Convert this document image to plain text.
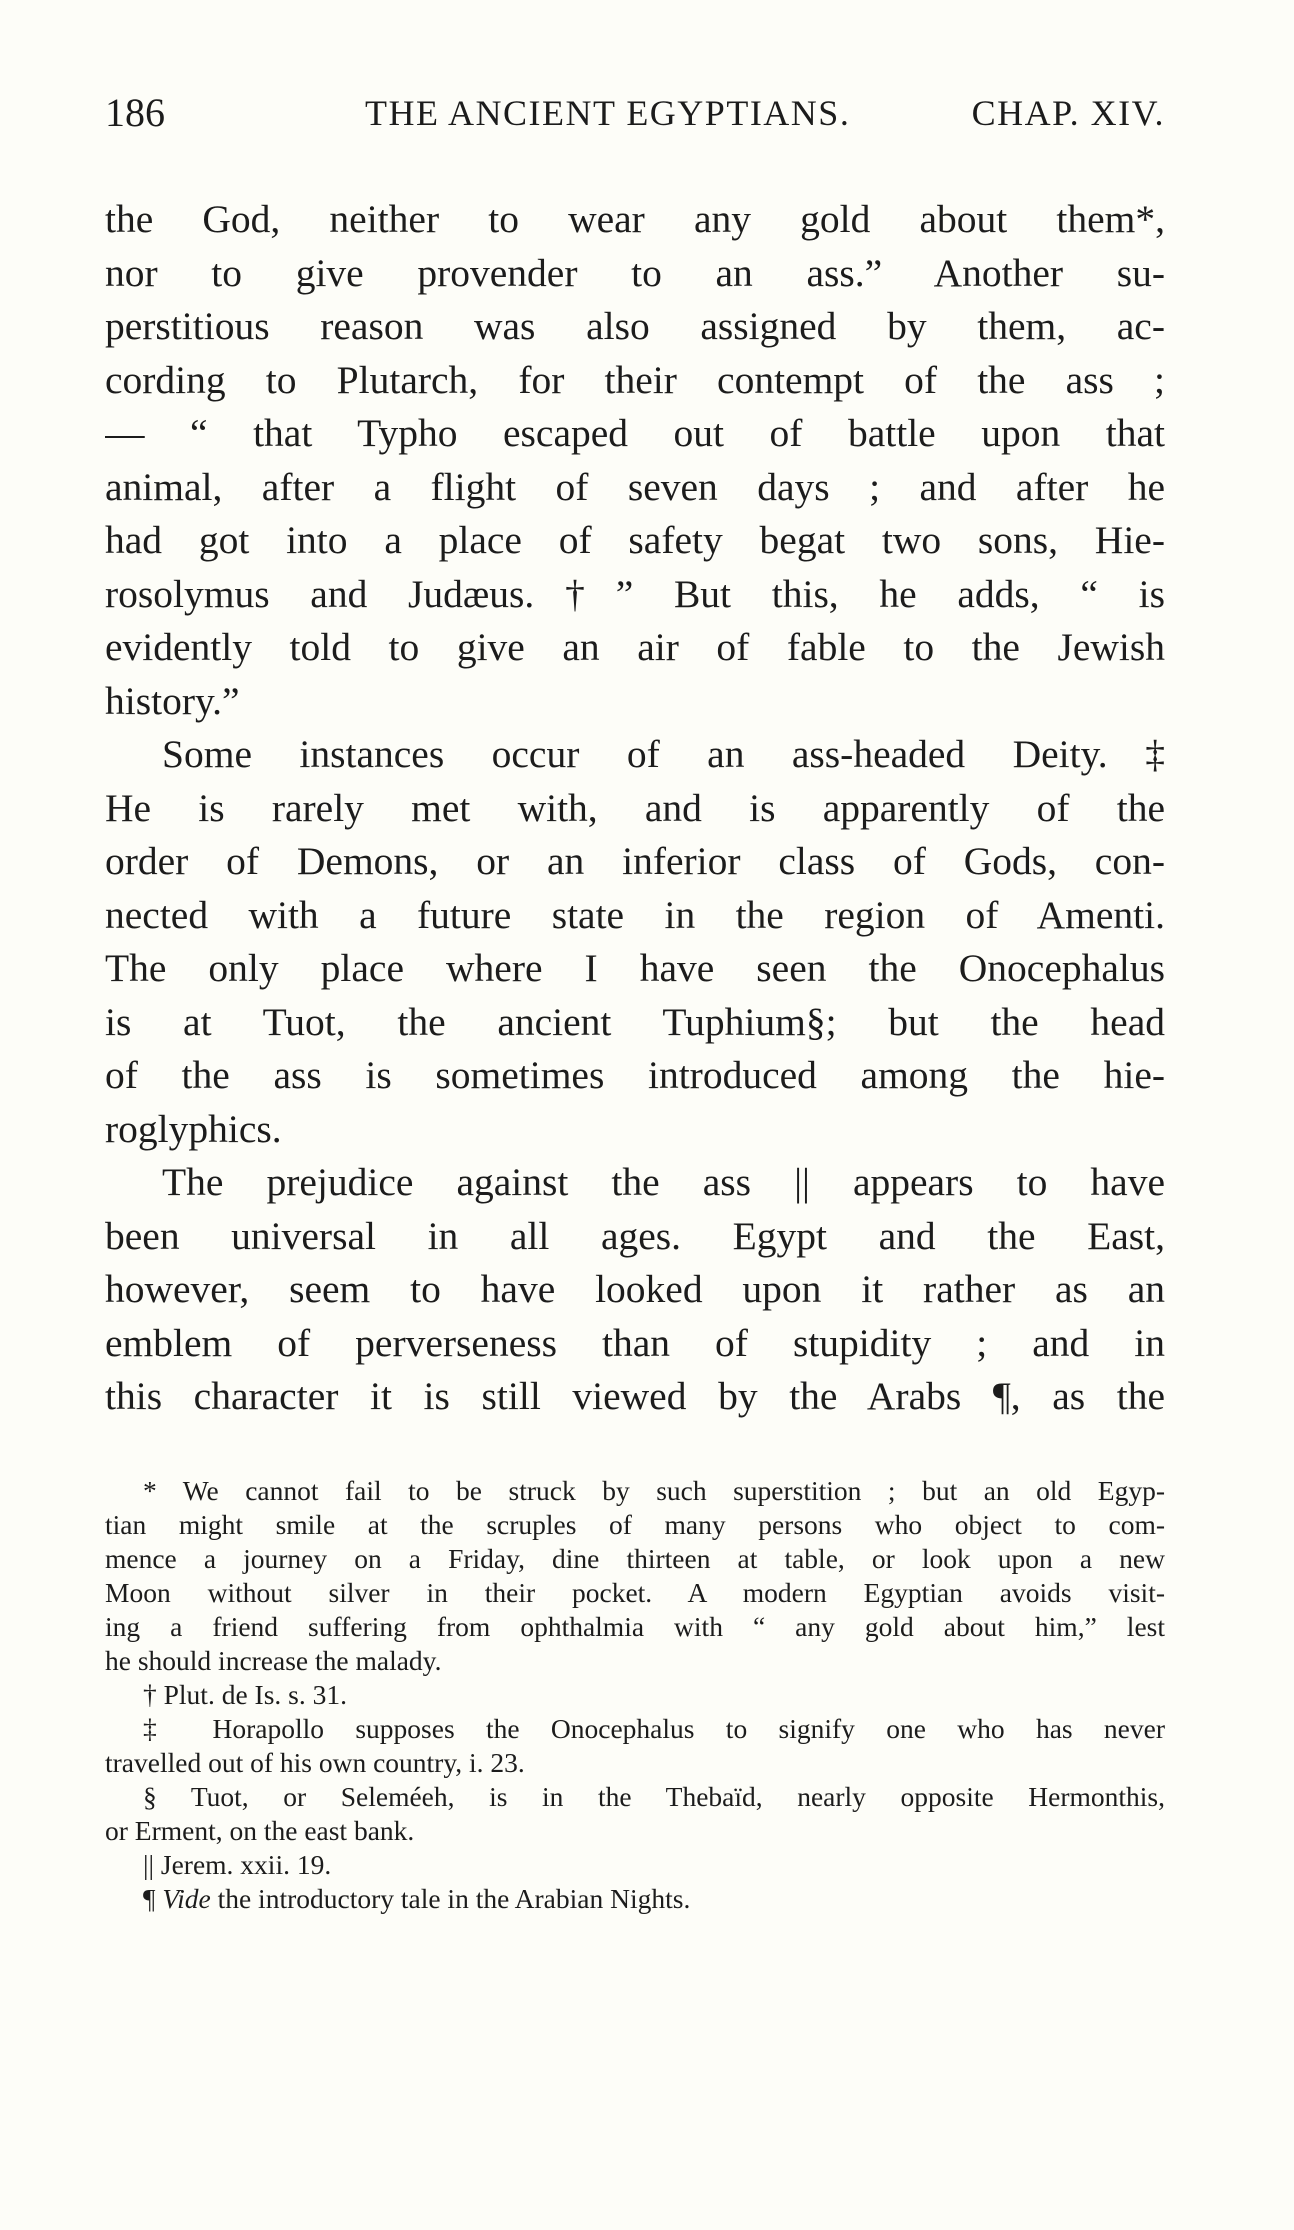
186	THE ANCIENT EGYPTIANS.	CHAP. XIV.
the God, neither to wear any gold about them*,
nor to give provender to an ass.” Another su-
perstitious reason was also assigned by them, ac-
cording to Plutarch, for their contempt of the ass ;
— “ that Typho escaped out of battle upon that
animal, after a flight of seven days ; and after he
had got into a place of safety begat two sons, Hie-
rosolymus and Judæus.†” But this, he adds, “ is
evidently told to give an air of fable to the Jewish
history.”
Some instances occur of an ass-headed Deity.‡
He is rarely met with, and is apparently of the
order of Demons, or an inferior class of Gods, con-
nected with a future state in the region of Amenti.
The only place where I have seen the Onocephalus
is at Tuot, the ancient Tuphium§; but the head
of the ass is sometimes introduced among the hie-
roglyphics.
The prejudice against the ass || appears to have
been universal in all ages. Egypt and the East,
however, seem to have looked upon it rather as an
emblem of perverseness than of stupidity ; and in
this character it is still viewed by the Arabs ¶, as the
* We cannot fail to be struck by such superstition ; but an old Egyp-
tian might smile at the scruples of many persons who object to com-
mence a journey on a Friday, dine thirteen at table, or look upon a new
Moon without silver in their pocket. A modern Egyptian avoids visit-
ing a friend suffering from ophthalmia with “ any gold about him,” lest
he should increase the malady.
† Plut. de Is. s. 31.
‡ Horapollo supposes the Onocephalus to signify one who has never
travelled out of his own country, i. 23.
§ Tuot, or Seleméeh, is in the Thebaïd, nearly opposite Hermonthis,
or Erment, on the east bank.
|| Jerem. xxii. 19.
¶ Vide the introductory tale in the Arabian Nights.
